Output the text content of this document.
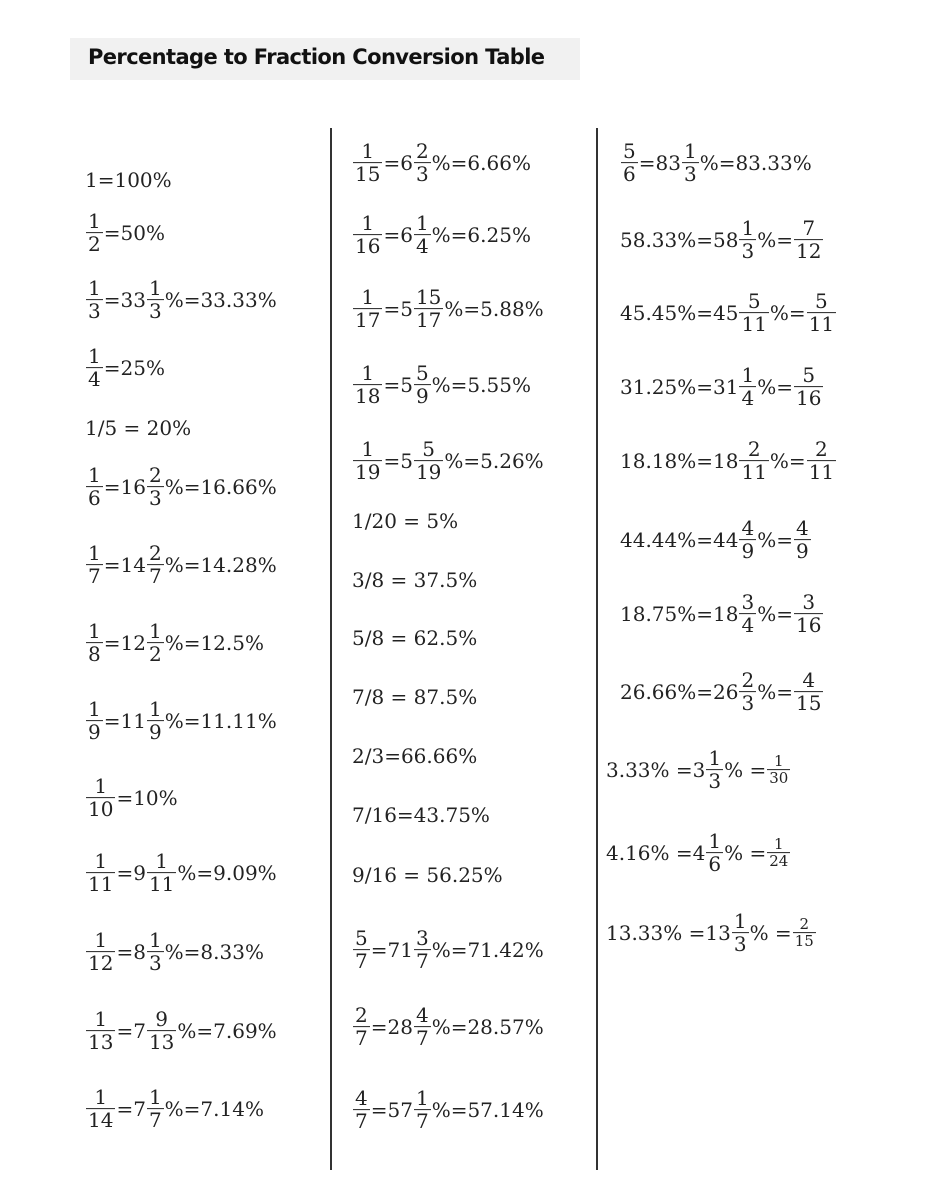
Percentage to Fraction Conversion Table
1=100%
$\frac{1}{2} =50\%$
$\frac{1}{3} =33 \frac{1}{3} \%=33.33\%$
$\frac{1}{4} =25\%$
1/5 = 20%
$\frac{1}{6} =16 \frac{2}{3} \%=16.66\%$
$\frac{1}{7} =14 \frac{2}{7} \%=14.28\%$
$\frac{1}{8} =12 \frac{1}{2} \%=12.5\%$
$\frac{1}{9} =11 \frac{1}{9} \%=11.11\%$
$\frac{1}{10} =10\%$
$\frac{1}{11} =9 \frac{1}{11} \%=9.09\%$
$\frac{1}{12} =8 \frac{1}{3} \%=8.33\%$
$\frac{1}{13} =7 \frac{9}{13} \%=7.69\%$
$\frac{1}{14} =7 \frac{1}{7} \%=7.14\%$
$\frac{1}{15} =6 \frac{2}{3} \%=6.66\%$
$\frac{1}{16} =6 \frac{1}{4} \%=6.25\%$
$\frac{1}{17} =5 \frac{15}{17} \%=5.88\%$
$\frac{1}{18} =5 \frac{5}{9} \%=5.55\%$
$\frac{1}{19} =5 \frac{5}{19} \%=5.26\%$
1/20 = 5%
3/8 = 37.5%
5/8 = 62.5%
7/8 = 87.5%
2/3=66.66%
7/16=43.75%
9/16 = 56.25%
$\frac{5}{7} =71 \frac{3}{7} \%=71.42\%$
$\frac{2}{7} =28 \frac{4}{7} \%=28.57\%$
$\frac{4}{7} =57 \frac{1}{7} \%=57.14\%$
$\frac{5}{6} =83 \frac{1}{3} \%=83.33\%$
$58.33\%=58 \frac{1}{3}$ %= $\frac{7}{12}$
$45.45\%=45 \frac{5}{11}$ %= $\frac{5}{11}$
$31.25\%=31 \frac{1}{4}$ %= $\frac{5}{16}$
$18.18\%=18 \frac{2}{11}$ %= $\frac{2}{11}$
$44.44\%=44 \frac{4}{9}$ %= $\frac{4}{9}$
$18.75\%=18 \frac{3}{4}$ %= $\frac{3}{16}$
$26.66\%=26 \frac{2}{3}$ %= $\frac{4}{15}$
$3.33\% =3 \frac{1}{3}$ % = $\frac{1}{30}$
$4.16\% =4 \frac{1}{6}$ % = $\frac{1}{24}$
$13.33\% =13 \frac{1}{3}$ % = $\frac{2}{15}$
